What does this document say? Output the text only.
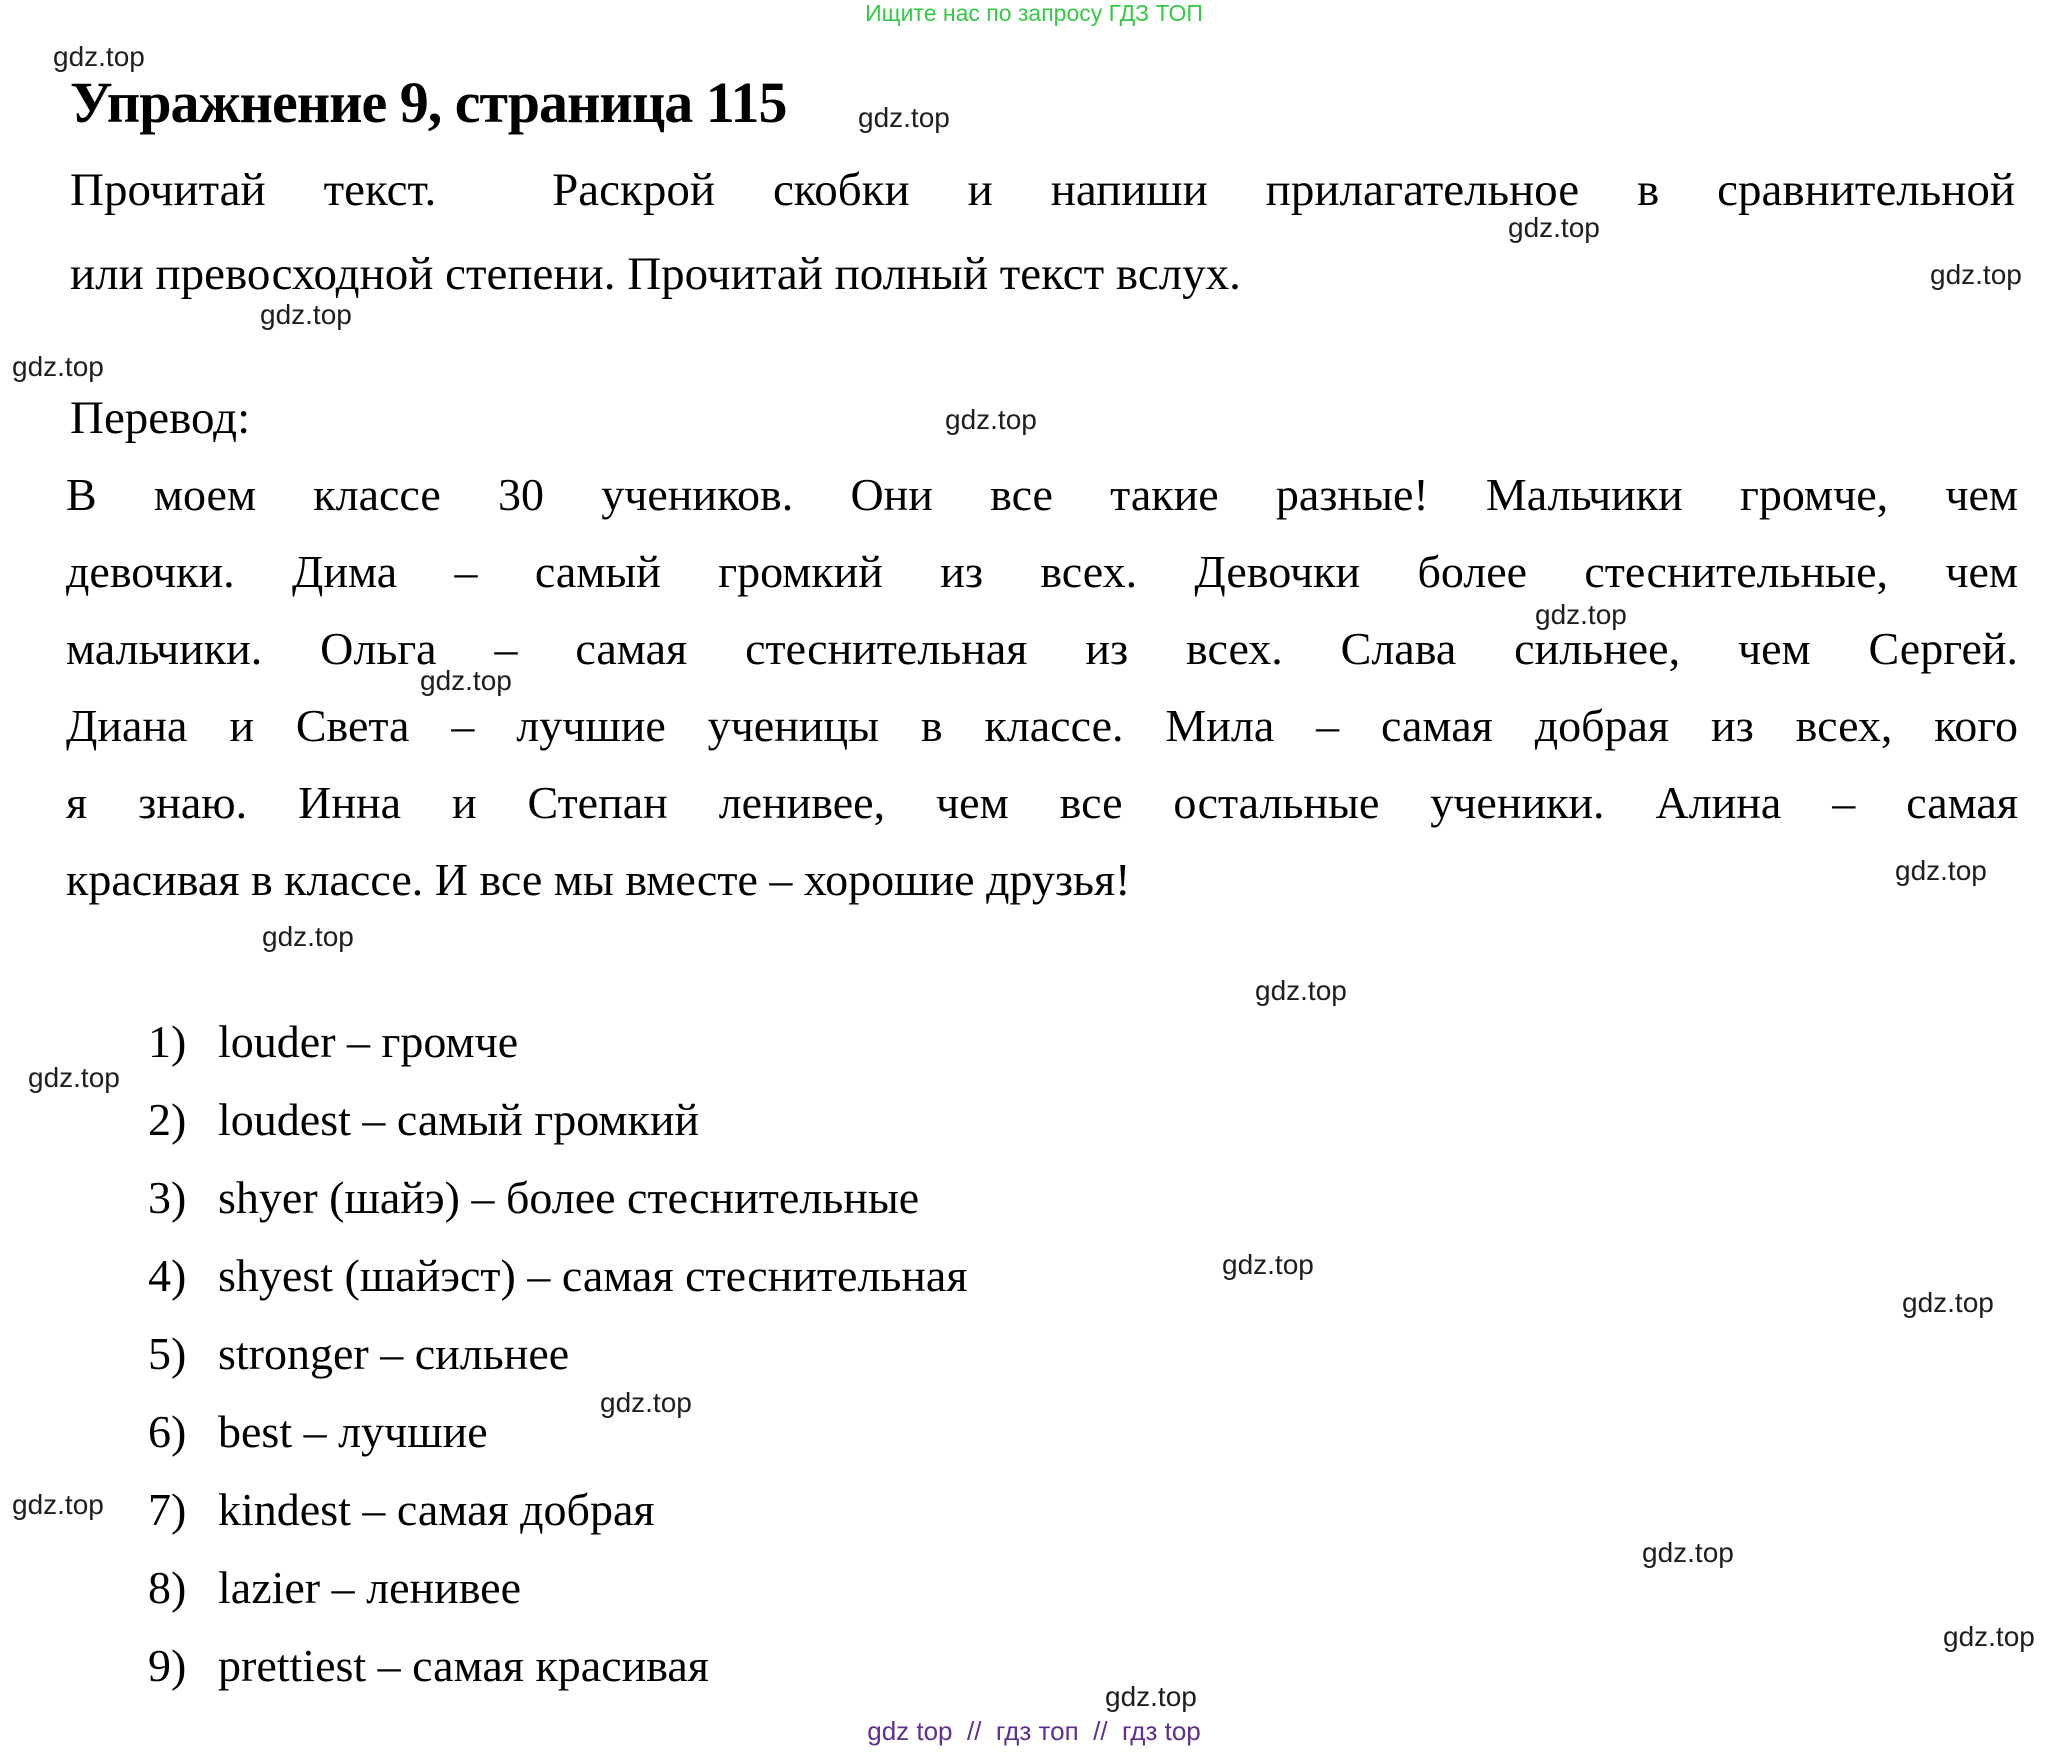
Ищите нас по запросу ГДЗ ТОП
Упражнение 9, страница 115
Прочитай текст.  Раскрой скобки и напиши прилагательное в сравнительной
или превосходной степени. Прочитай полный текст вслух.
Перевод:
В моем классе 30 учеников. Они все такие разные! Мальчики громче, чем
девочки. Дима – самый громкий из всех. Девочки более стеснительные, чем
мальчики. Ольга – самая стеснительная из всех. Слава сильнее, чем Сергей.
Диана и Света – лучшие ученицы в классе. Мила – самая добрая из всех, кого
я знаю. Инна и Степан ленивее, чем все остальные ученики. Алина – самая
красивая в классе. И все мы вместе – хорошие друзья!
1) louder – громче
2) loudest – самый громкий
3) shyer (шайэ) – более стеснительные
4) shyest (шайэст) – самая стеснительная
5) stronger – сильнее
6) best – лучшие
7) kindest – самая добрая
8) lazier – ленивее
9) prettiest – самая красивая
gdz top  //  гдз топ  //  гдз top
gdz.top
gdz.top
gdz.top
gdz.top
gdz.top
gdz.top
gdz.top
gdz.top
gdz.top
gdz.top
gdz.top
gdz.top
gdz.top
gdz.top
gdz.top
gdz.top
gdz.top
gdz.top
gdz.top
gdz.top
